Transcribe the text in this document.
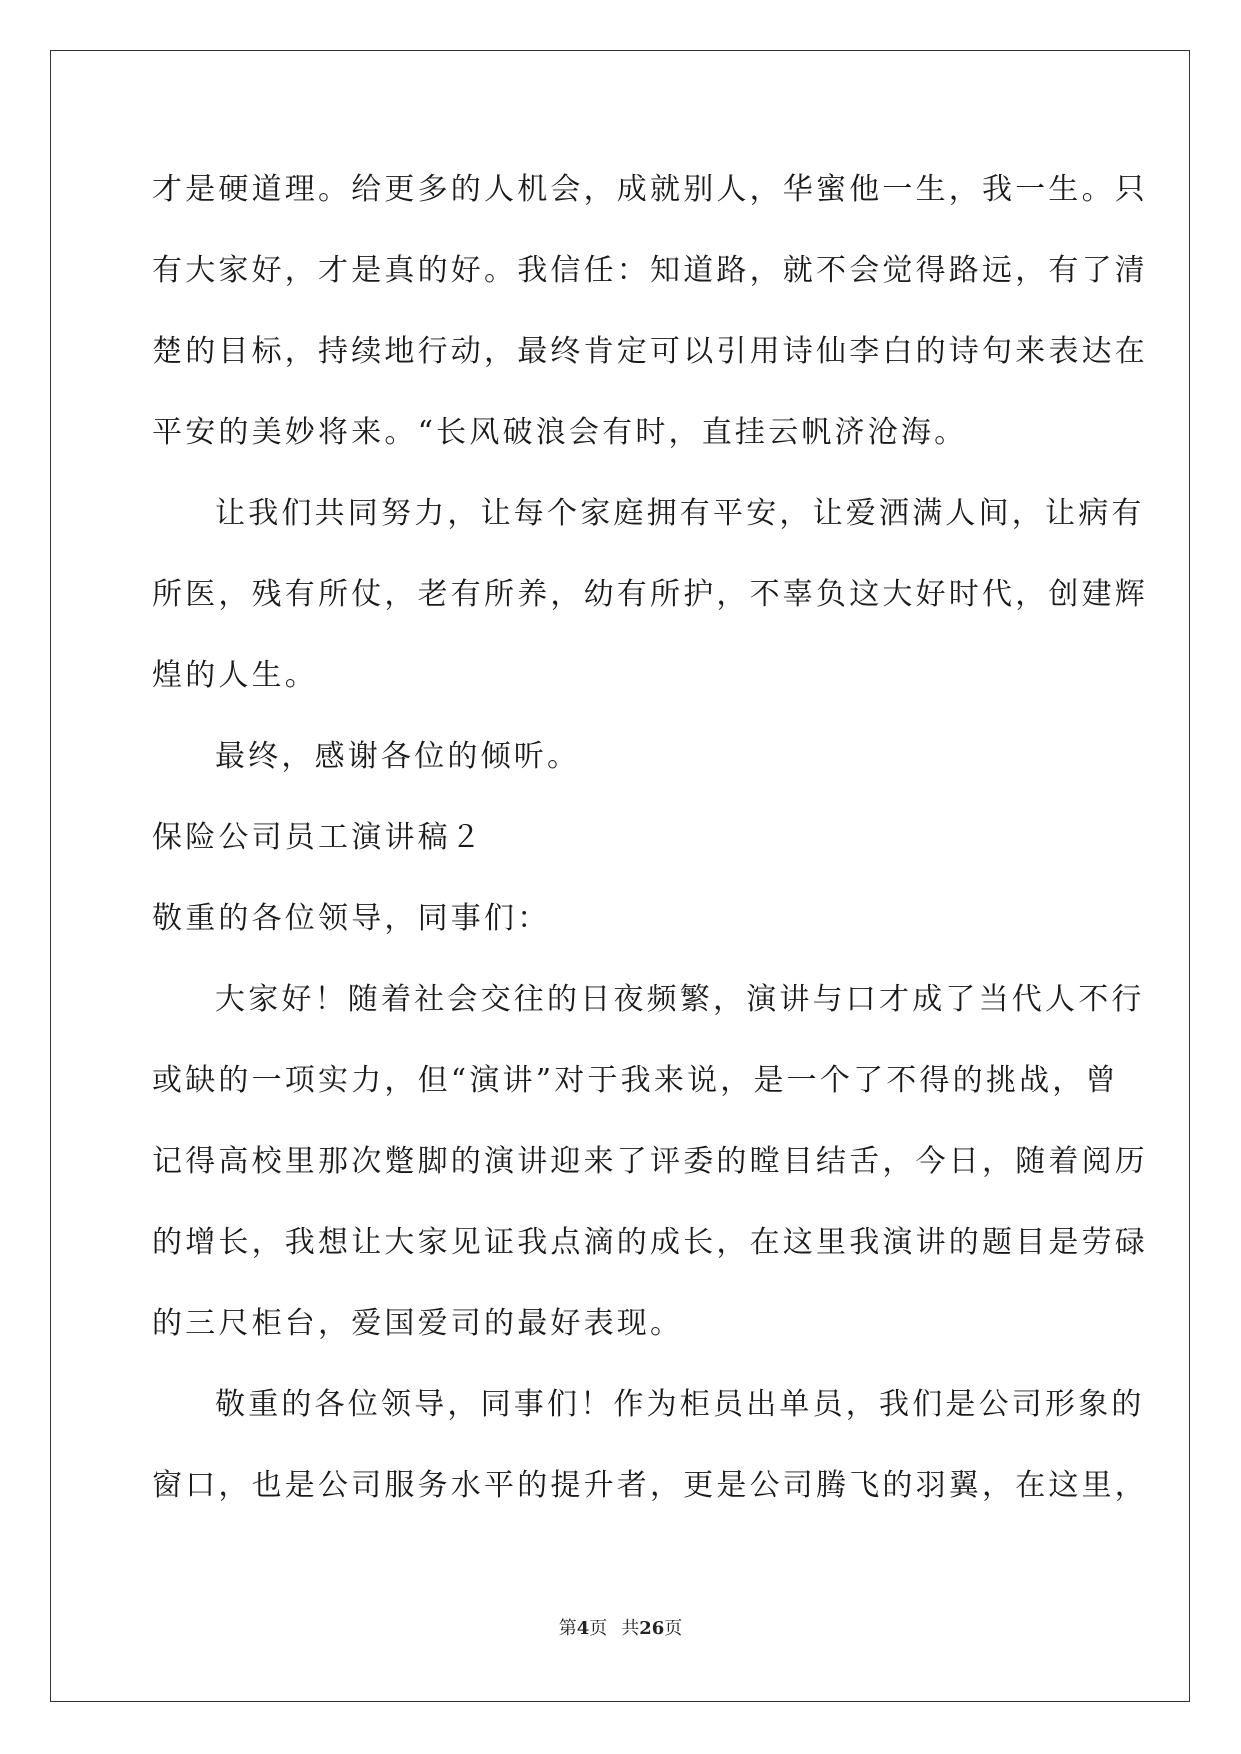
才是硬道理。给更多的人机会，成就别人，华蜜他一生，我一生。只
有大家好，才是真的好。我信任：知道路，就不会觉得路远，有了清
楚的目标，持续地行动，最终肯定可以引用诗仙李白的诗句来表达在
平安的美妙将来。“长风破浪会有时，直挂云帆济沧海。
让我们共同努力，让每个家庭拥有平安，让爱洒满人间，让病有
所医，残有所仗，老有所养，幼有所护，不辜负这大好时代，创建辉
煌的人生。
最终，感谢各位的倾听。
保险公司员工演讲稿２
敬重的各位领导，同事们：
大家好！随着社会交往的日夜频繁，演讲与口才成了当代人不行
或缺的一项实力，但“演讲”对于我来说，是一个了不得的挑战，曾
记得高校里那次蹩脚的演讲迎来了评委的瞠目结舌，今日，随着阅历
的增长，我想让大家见证我点滴的成长，在这里我演讲的题目是劳碌
的三尺柜台，爱国爱司的最好表现。
敬重的各位领导，同事们！作为柜员出单员，我们是公司形象的
窗口，也是公司服务水平的提升者，更是公司腾飞的羽翼，在这里，
第4页 共26页
